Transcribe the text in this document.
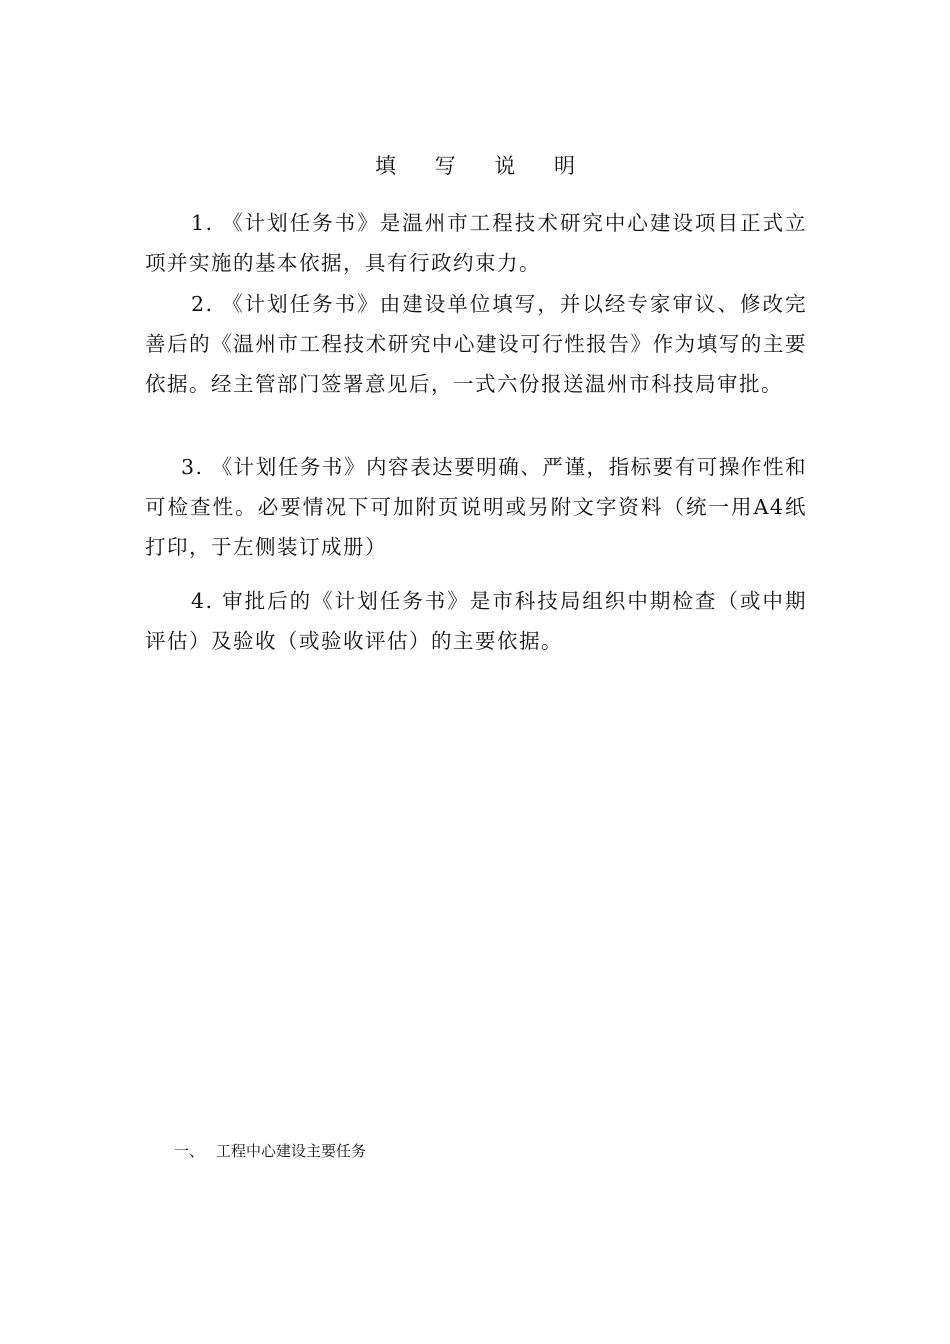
填 写 说 明

1. 《计划任务书》是温州市工程技术研究中心建设项目正式立项并实施的基本依据，具有行政约束力。

2. 《计划任务书》由建设单位填写，并以经专家审议、修改完善后的《温州市工程技术研究中心建设可行性报告》作为填写的主要依据。经主管部门签署意见后，一式六份报送温州市科技局审批。

3. 《计划任务书》内容表达要明确、严谨，指标要有可操作性和可检查性。必要情况下可加附页说明或另附文字资料（统一用A4纸打印，于左侧装订成册）

4. 审批后的《计划任务书》是市科技局组织中期检查（或中期评估）及验收（或验收评估）的主要依据。

一、 工程中心建设主要任务
